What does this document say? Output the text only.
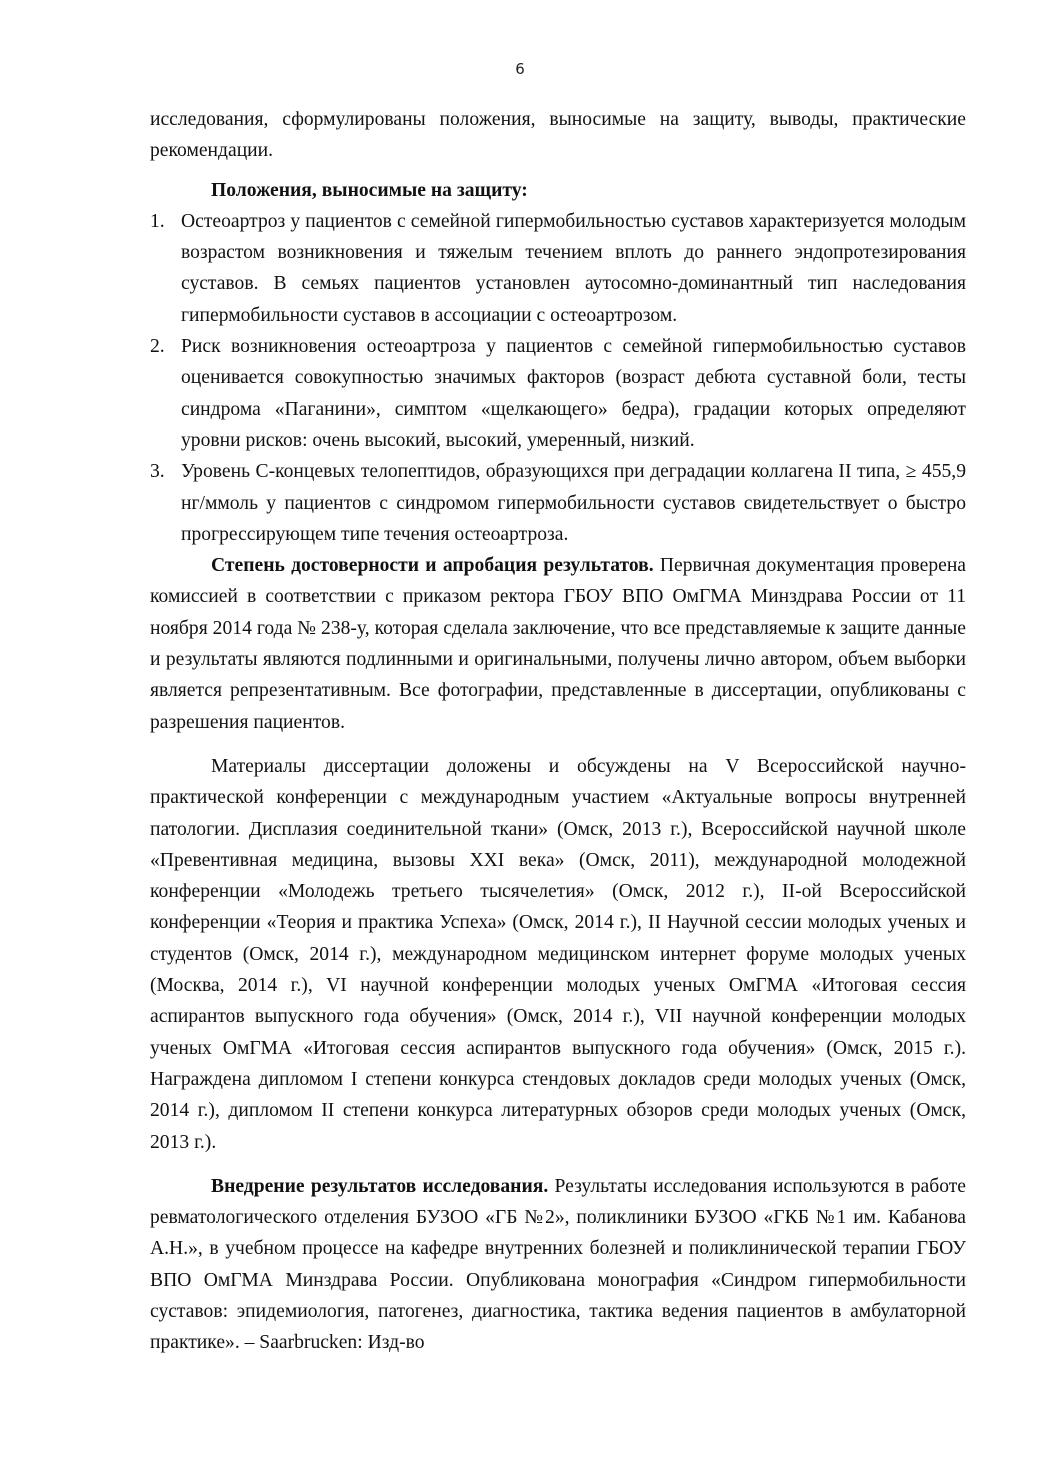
6

исследования, сформулированы положения, выносимые на защиту, выводы, практические рекомендации.

Положения, выносимые на защиту:

1. Остеоартроз у пациентов с семейной гипермобильностью суставов характеризуется молодым возрастом возникновения и тяжелым течением вплоть до раннего эндопротезирования суставов. В семьях пациентов установлен аутосомно-доминантный тип наследования гипермобильности суставов в ассоциации с остеоартрозом.
2. Риск возникновения остеоартроза у пациентов с семейной гипермобильностью суставов оценивается совокупностью значимых факторов (возраст дебюта суставной боли, тесты синдрома «Паганини», симптом «щелкающего» бедра), градации которых определяют уровни рисков: очень высокий, высокий, умеренный, низкий.
3. Уровень С-концевых телопептидов, образующихся при деградации коллагена II типа, ≥ 455,9 нг/ммоль у пациентов с синдромом гипермобильности суставов свидетельствует о быстро прогрессирующем типе течения остеоартроза.

Степень достоверности и апробация результатов. Первичная документация проверена комиссией в соответствии с приказом ректора ГБОУ ВПО ОмГМА Минздрава России от 11 ноября 2014 года № 238-у, которая сделала заключение, что все представляемые к защите данные и результаты являются подлинными и оригинальными, получены лично автором, объем выборки является репрезентативным. Все фотографии, представленные в диссертации, опубликованы с разрешения пациентов.

Материалы диссертации доложены и обсуждены на V Всероссийской научно-практической конференции с международным участием «Актуальные вопросы внутренней патологии. Дисплазия соединительной ткани» (Омск, 2013 г.), Всероссийской научной школе «Превентивная медицина, вызовы XXI века» (Омск, 2011), международной молодежной конференции «Молодежь третьего тысячелетия» (Омск, 2012 г.), II-ой Всероссийской конференции «Теория и практика Успеха» (Омск, 2014 г.), II Научной сессии молодых ученых и студентов (Омск, 2014 г.), международном медицинском интернет форуме молодых ученых (Москва, 2014 г.), VI научной конференции молодых ученых ОмГМА «Итоговая сессия аспирантов выпускного года обучения» (Омск, 2014 г.), VII научной конференции молодых ученых ОмГМА «Итоговая сессия аспирантов выпускного года обучения» (Омск, 2015 г.). Награждена дипломом I степени конкурса стендовых докладов среди молодых ученых (Омск, 2014 г.), дипломом II степени конкурса литературных обзоров среди молодых ученых (Омск, 2013 г.).

Внедрение результатов исследования. Результаты исследования используются в работе ревматологического отделения БУЗОО «ГБ №2», поликлиники БУЗОО «ГКБ №1 им. Кабанова А.Н.», в учебном процессе на кафедре внутренних болезней и поликлинической терапии ГБОУ ВПО ОмГМА Минздрава России. Опубликована монография «Синдром гипермобильности суставов: эпидемиология, патогенез, диагностика, тактика ведения пациентов в амбулаторной практике». – Saarbrucken: Изд-во
